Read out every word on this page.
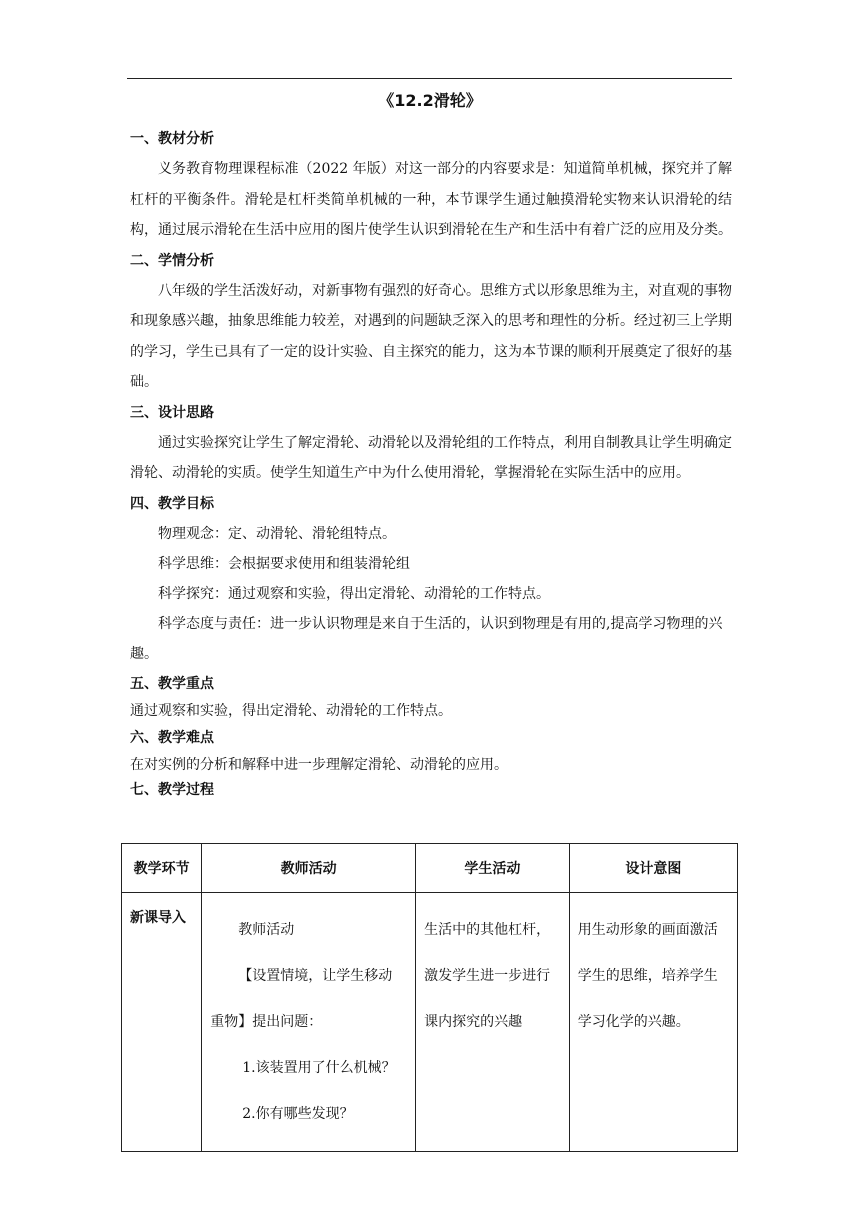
《12.2滑轮》
一、教材分析

义务教育物理课程标准（2022 年版）对这一部分的内容要求是：知道简单机械，探究并了解杠杆的平衡条件。滑轮是杠杆类简单机械的一种，本节课学生通过触摸滑轮实物来认识滑轮的结构，通过展示滑轮在生活中应用的图片使学生认识到滑轮在生产和生活中有着广泛的应用及分类。

二、学情分析

八年级的学生活泼好动，对新事物有强烈的好奇心。思维方式以形象思维为主，对直观的事物和现象感兴趣，抽象思维能力较差，对遇到的问题缺乏深入的思考和理性的分析。经过初三上学期的学习，学生已具有了一定的设计实验、自主探究的能力，这为本节课的顺利开展奠定了很好的基础。

三、设计思路

通过实验探究让学生了解定滑轮、动滑轮以及滑轮组的工作特点，利用自制教具让学生明确定滑轮、动滑轮的实质。使学生知道生产中为什么使用滑轮，掌握滑轮在实际生活中的应用。

四、教学目标

物理观念：定、动滑轮、滑轮组特点。

科学思维：会根据要求使用和组装滑轮组

科学探究：通过观察和实验，得出定滑轮、动滑轮的工作特点。

科学态度与责任：进一步认识物理是来自于生活的，认识到物理是有用的,提高学习物理的兴趣。

五、教学重点

通过观察和实验，得出定滑轮、动滑轮的工作特点。

六、教学难点

在对实例的分析和解释中进一步理解定滑轮、动滑轮的应用。

七、教学过程
教学环节	教师活动	学生活动	设计意图
新课导入	教师活动
【设置情境，让学生移动
重物】提出问题：
1.该装置用了什么机械？
2.你有哪些发现？	生活中的其他杠杆，
激发学生进一步进行
课内探究的兴趣	用生动形象的画面激活
学生的思维，培养学生
学习化学的兴趣。
